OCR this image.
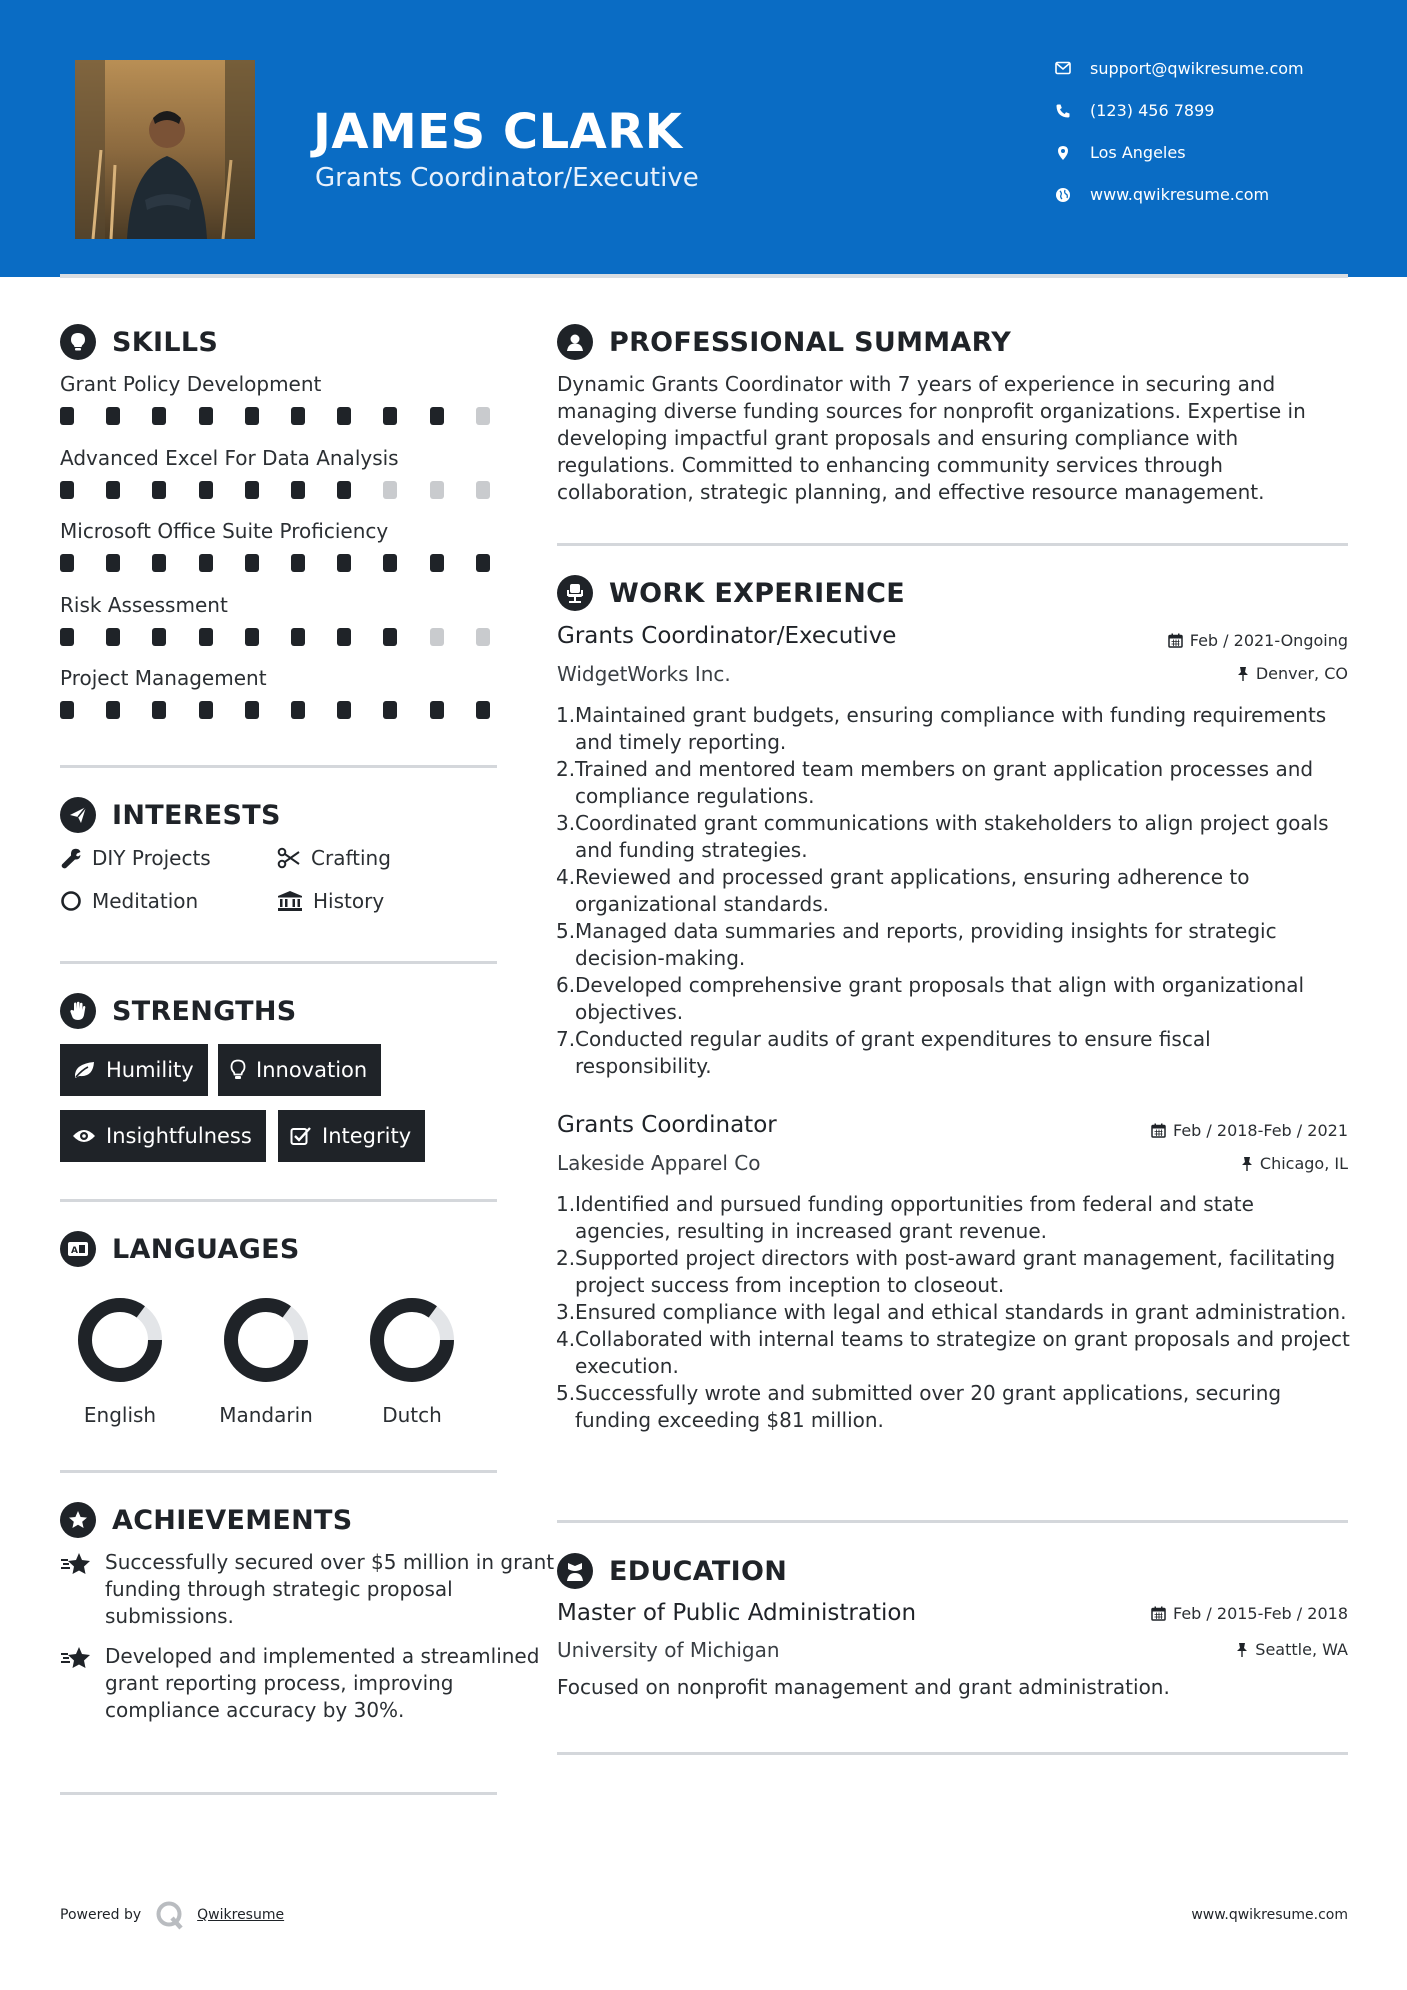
JAMES CLARK
Grants Coordinator/Executive
support@qwikresume.com
(123) 456 7899
Los Angeles
www.qwikresume.com
SKILLS
Grant Policy Development
Advanced Excel For Data Analysis
Microsoft Office Suite Proficiency
Risk Assessment
Project Management
INTERESTS
DIY Projects	Crafting
Meditation	History
STRENGTHS
Humility	Innovation
Insightfulness	Integrity
A LANGUAGES
English	Mandarin	Dutch
ACHIEVEMENTS
Successfully secured over $5 million in grant funding through strategic proposal submissions.
Developed and implemented a streamlined grant reporting process, improving compliance accuracy by 30%.
PROFESSIONAL SUMMARY
Dynamic Grants Coordinator with 7 years of experience in securing and managing diverse funding sources for nonprofit organizations. Expertise in developing impactful grant proposals and ensuring compliance with regulations. Committed to enhancing community services through collaboration, strategic planning, and effective resource management.
WORK EXPERIENCE
Grants Coordinator/Executive	Feb / 2021-Ongoing
WidgetWorks Inc.	Denver, CO
Maintained grant budgets, ensuring compliance with funding requirements and timely reporting.
Trained and mentored team members on grant application processes and compliance regulations.
Coordinated grant communications with stakeholders to align project goals and funding strategies.
Reviewed and processed grant applications, ensuring adherence to organizational standards.
Managed data summaries and reports, providing insights for strategic decision-making.
Developed comprehensive grant proposals that align with organizational objectives.
Conducted regular audits of grant expenditures to ensure fiscal responsibility.
Grants Coordinator	Feb / 2018-Feb / 2021
Lakeside Apparel Co	Chicago, IL
Identified and pursued funding opportunities from federal and state agencies, resulting in increased grant revenue.
Supported project directors with post-award grant management, facilitating project success from inception to closeout.
Ensured compliance with legal and ethical standards in grant administration.
Collaborated with internal teams to strategize on grant proposals and project execution.
Successfully wrote and submitted over 20 grant applications, securing funding exceeding $81 million.
EDUCATION
Master of Public Administration	Feb / 2015-Feb / 2018
University of Michigan	Seattle, WA
Focused on nonprofit management and grant administration.
Powered by	Qwikresume	www.qwikresume.com
